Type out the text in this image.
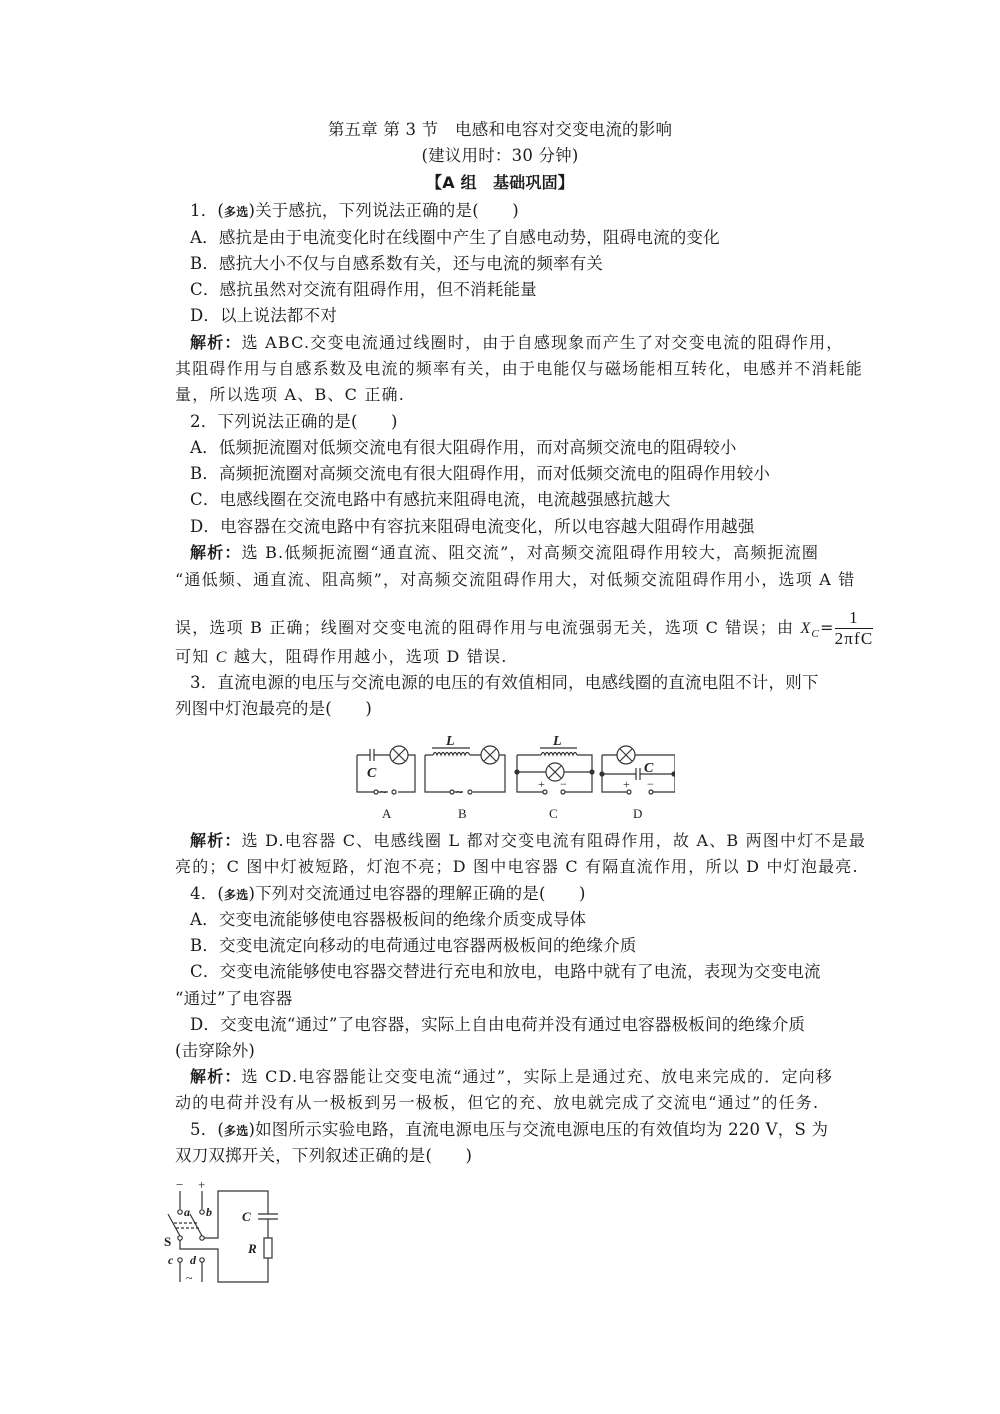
第五章 第 3 节　电感和电容对交变电流的影响
(建议用时：30 分钟)
【A 组　基础巩固】
1．(多选)关于感抗，下列说法正确的是(　　)
A．感抗是由于电流变化时在线圈中产生了自感电动势，阻碍电流的变化
B．感抗大小不仅与自感系数有关，还与电流的频率有关
C．感抗虽然对交流有阻碍作用，但不消耗能量
D．以上说法都不对
解析：选 ABC.交变电流通过线圈时，由于自感现象而产生了对交变电流的阻碍作用，
其阻碍作用与自感系数及电流的频率有关，由于电能仅与磁场能相互转化，电感并不消耗能
量，所以选项 A、B、C 正确.
2．下列说法正确的是(　　)
A．低频扼流圈对低频交流电有很大阻碍作用，而对高频交流电的阻碍较小
B．高频扼流圈对高频交流电有很大阻碍作用，而对低频交流电的阻碍作用较小
C．电感线圈在交流电路中有感抗来阻碍电流，电流越强感抗越大
D．电容器在交流电路中有容抗来阻碍电流变化，所以电容越大阻碍作用越强
解析：选 B.低频扼流圈“通直流、阻交流”，对高频交流阻碍作用较大，高频扼流圈
“通低频、通直流、阻高频”，对高频交流阻碍作用大，对低频交流阻碍作用小，选项 A 错
误，选项 B 正确；线圈对交变电流的阻碍作用与电流强弱无关，选项 C 错误；由 $X_C= \frac{1}{\text{2πfC}}$
可知 C 越大，阻碍作用越小，选项 D 错误.
3．直流电源的电压与交流电源的电压的有效值相同，电感线圈的直流电阻不计，则下
列图中灯泡最亮的是(　　)
C
~
A
L
~
B
L
+ −
C
C
+ −
D
解析：选 D.电容器 C、电感线圈 L 都对交变电流有阻碍作用，故 A、B 两图中灯不是最
亮的；C 图中灯被短路，灯泡不亮；D 图中电容器 C 有隔直流作用，所以 D 中灯泡最亮.
4．(多选)下列对交流通过电容器的理解正确的是(　　)
A．交变电流能够使电容器极板间的绝缘介质变成导体
B．交变电流定向移动的电荷通过电容器两极板间的绝缘介质
C．交变电流能够使电容器交替进行充电和放电，电路中就有了电流，表现为交变电流
“通过”了电容器
D．交变电流“通过”了电容器，实际上自由电荷并没有通过电容器极板间的绝缘介质
(击穿除外)
解析：选 CD.电容器能让交变电流“通过”，实际上是通过充、放电来完成的．定向移
动的电荷并没有从一极板到另一极板，但它的充、放电就完成了交流电“通过”的任务.
5．(多选)如图所示实验电路，直流电源电压与交流电源电压的有效值均为 220 V，S 为
双刀双掷开关，下列叙述正确的是(　　)
− +
a b
S
C
R
c d
~
